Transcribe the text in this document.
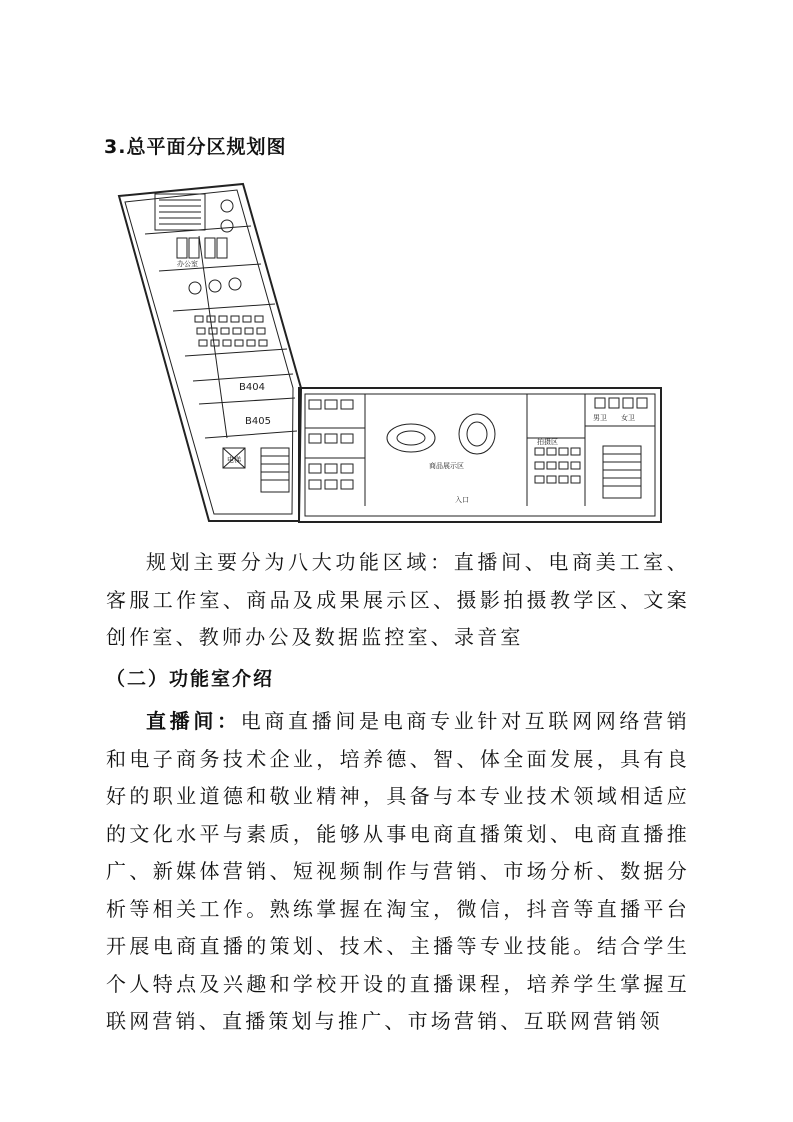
3.总平面分区规划图
办公室
B404
B405
电梯
男卫 女卫
商品展示区
拍摄区
入口
规划主要分为八大功能区域：直播间、电商美工室、客服工作室、商品及成果展示区、摄影拍摄教学区、文案创作室、教师办公及数据监控室、录音室
（二）功能室介绍
直播间：电商直播间是电商专业针对互联网网络营销和电子商务技术企业，培养德、智、体全面发展，具有良好的职业道德和敬业精神，具备与本专业技术领域相适应的文化水平与素质，能够从事电商直播策划、电商直播推广、新媒体营销、短视频制作与营销、市场分析、数据分析等相关工作。熟练掌握在淘宝，微信，抖音等直播平台开展电商直播的策划、技术、主播等专业技能。结合学生个人特点及兴趣和学校开设的直播课程，培养学生掌握互联网营销、直播策划与推广、市场营销、互联网营销领
